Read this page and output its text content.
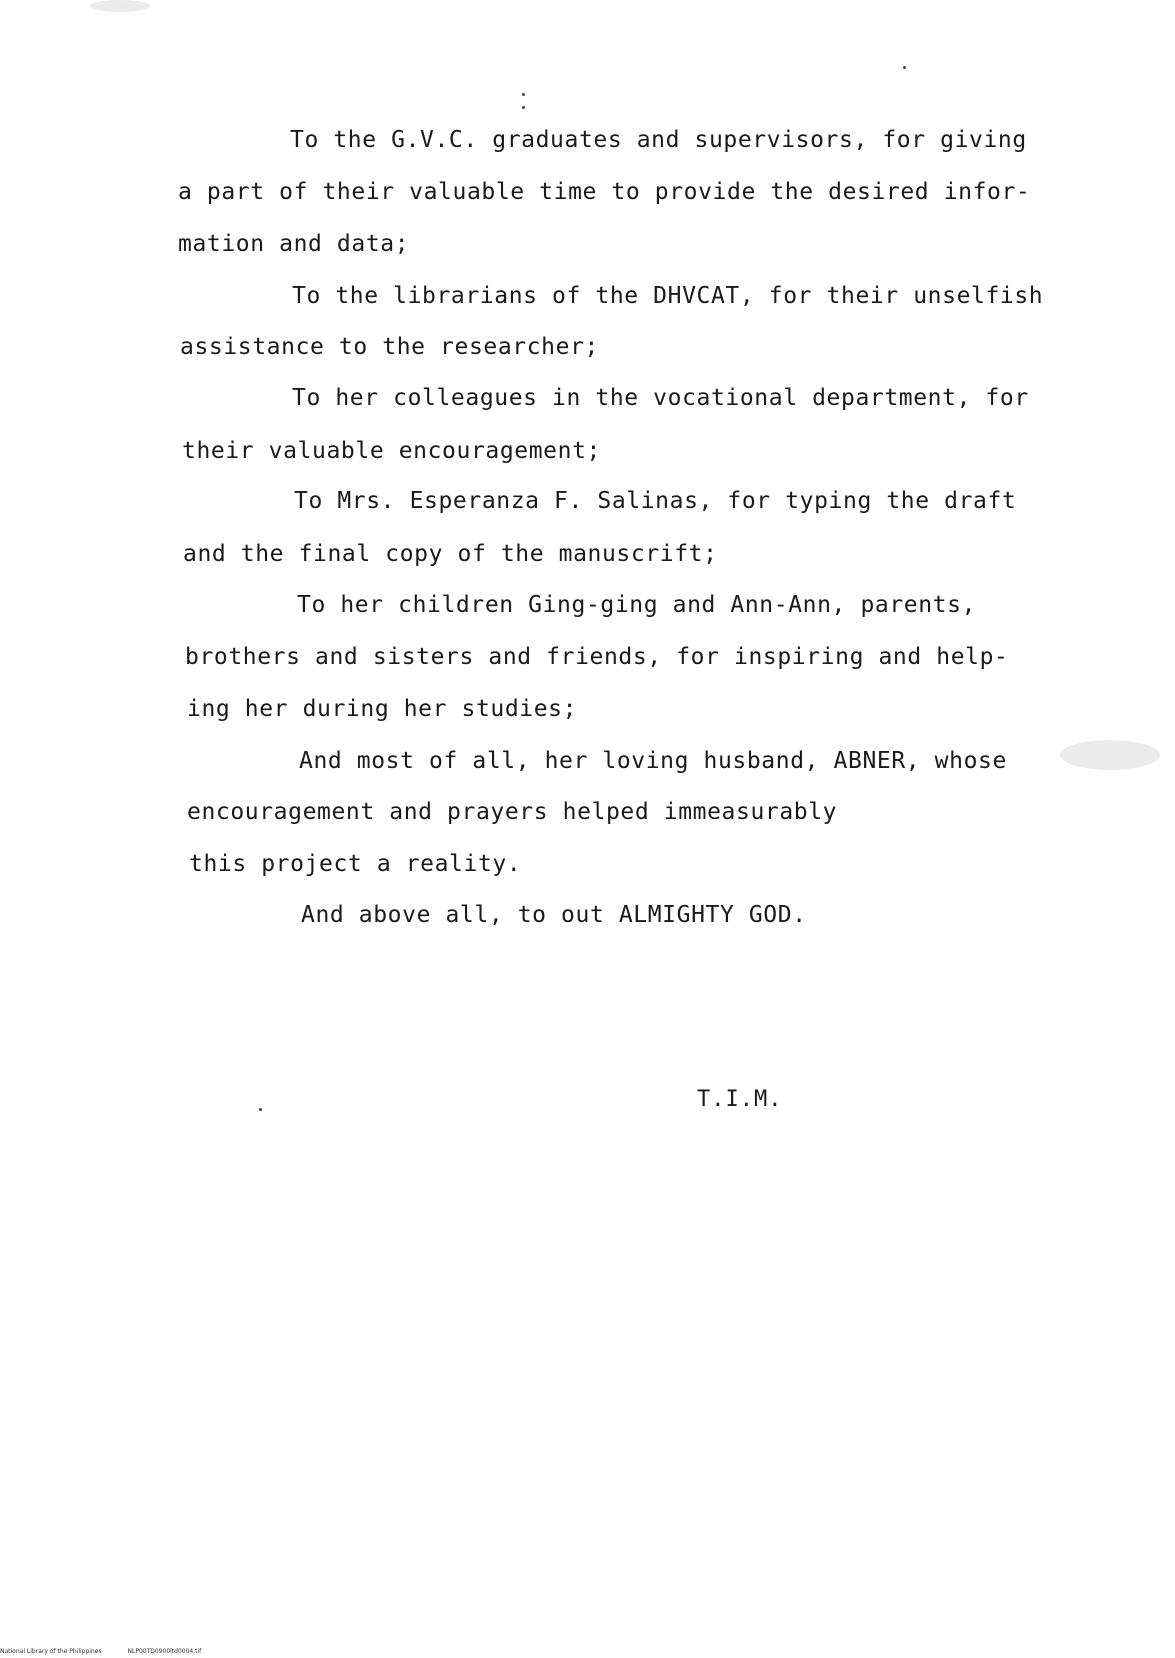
To the G.V.C. graduates and supervisors, for giving
a part of their valuable time to provide the desired infor-
mation and data;
To the librarians of the DHVCAT, for their unselfish
assistance to the researcher;
To her colleagues in the vocational department, for
their valuable encouragement;
To Mrs. Esperanza F. Salinas, for typing the draft
and the final copy of the manuscrift;
To her children Ging-ging and Ann-Ann, parents,
brothers and sisters and friends, for inspiring and help-
ing her during her studies;
And most of all, her loving husband, ABNER, whose
encouragement and prayers helped immeasurably
this project a reality.
And above all, to out ALMIGHTY GOD.
T.I.M.
National Library of the Philippines	NLP00TD0900ltd0004.tif
